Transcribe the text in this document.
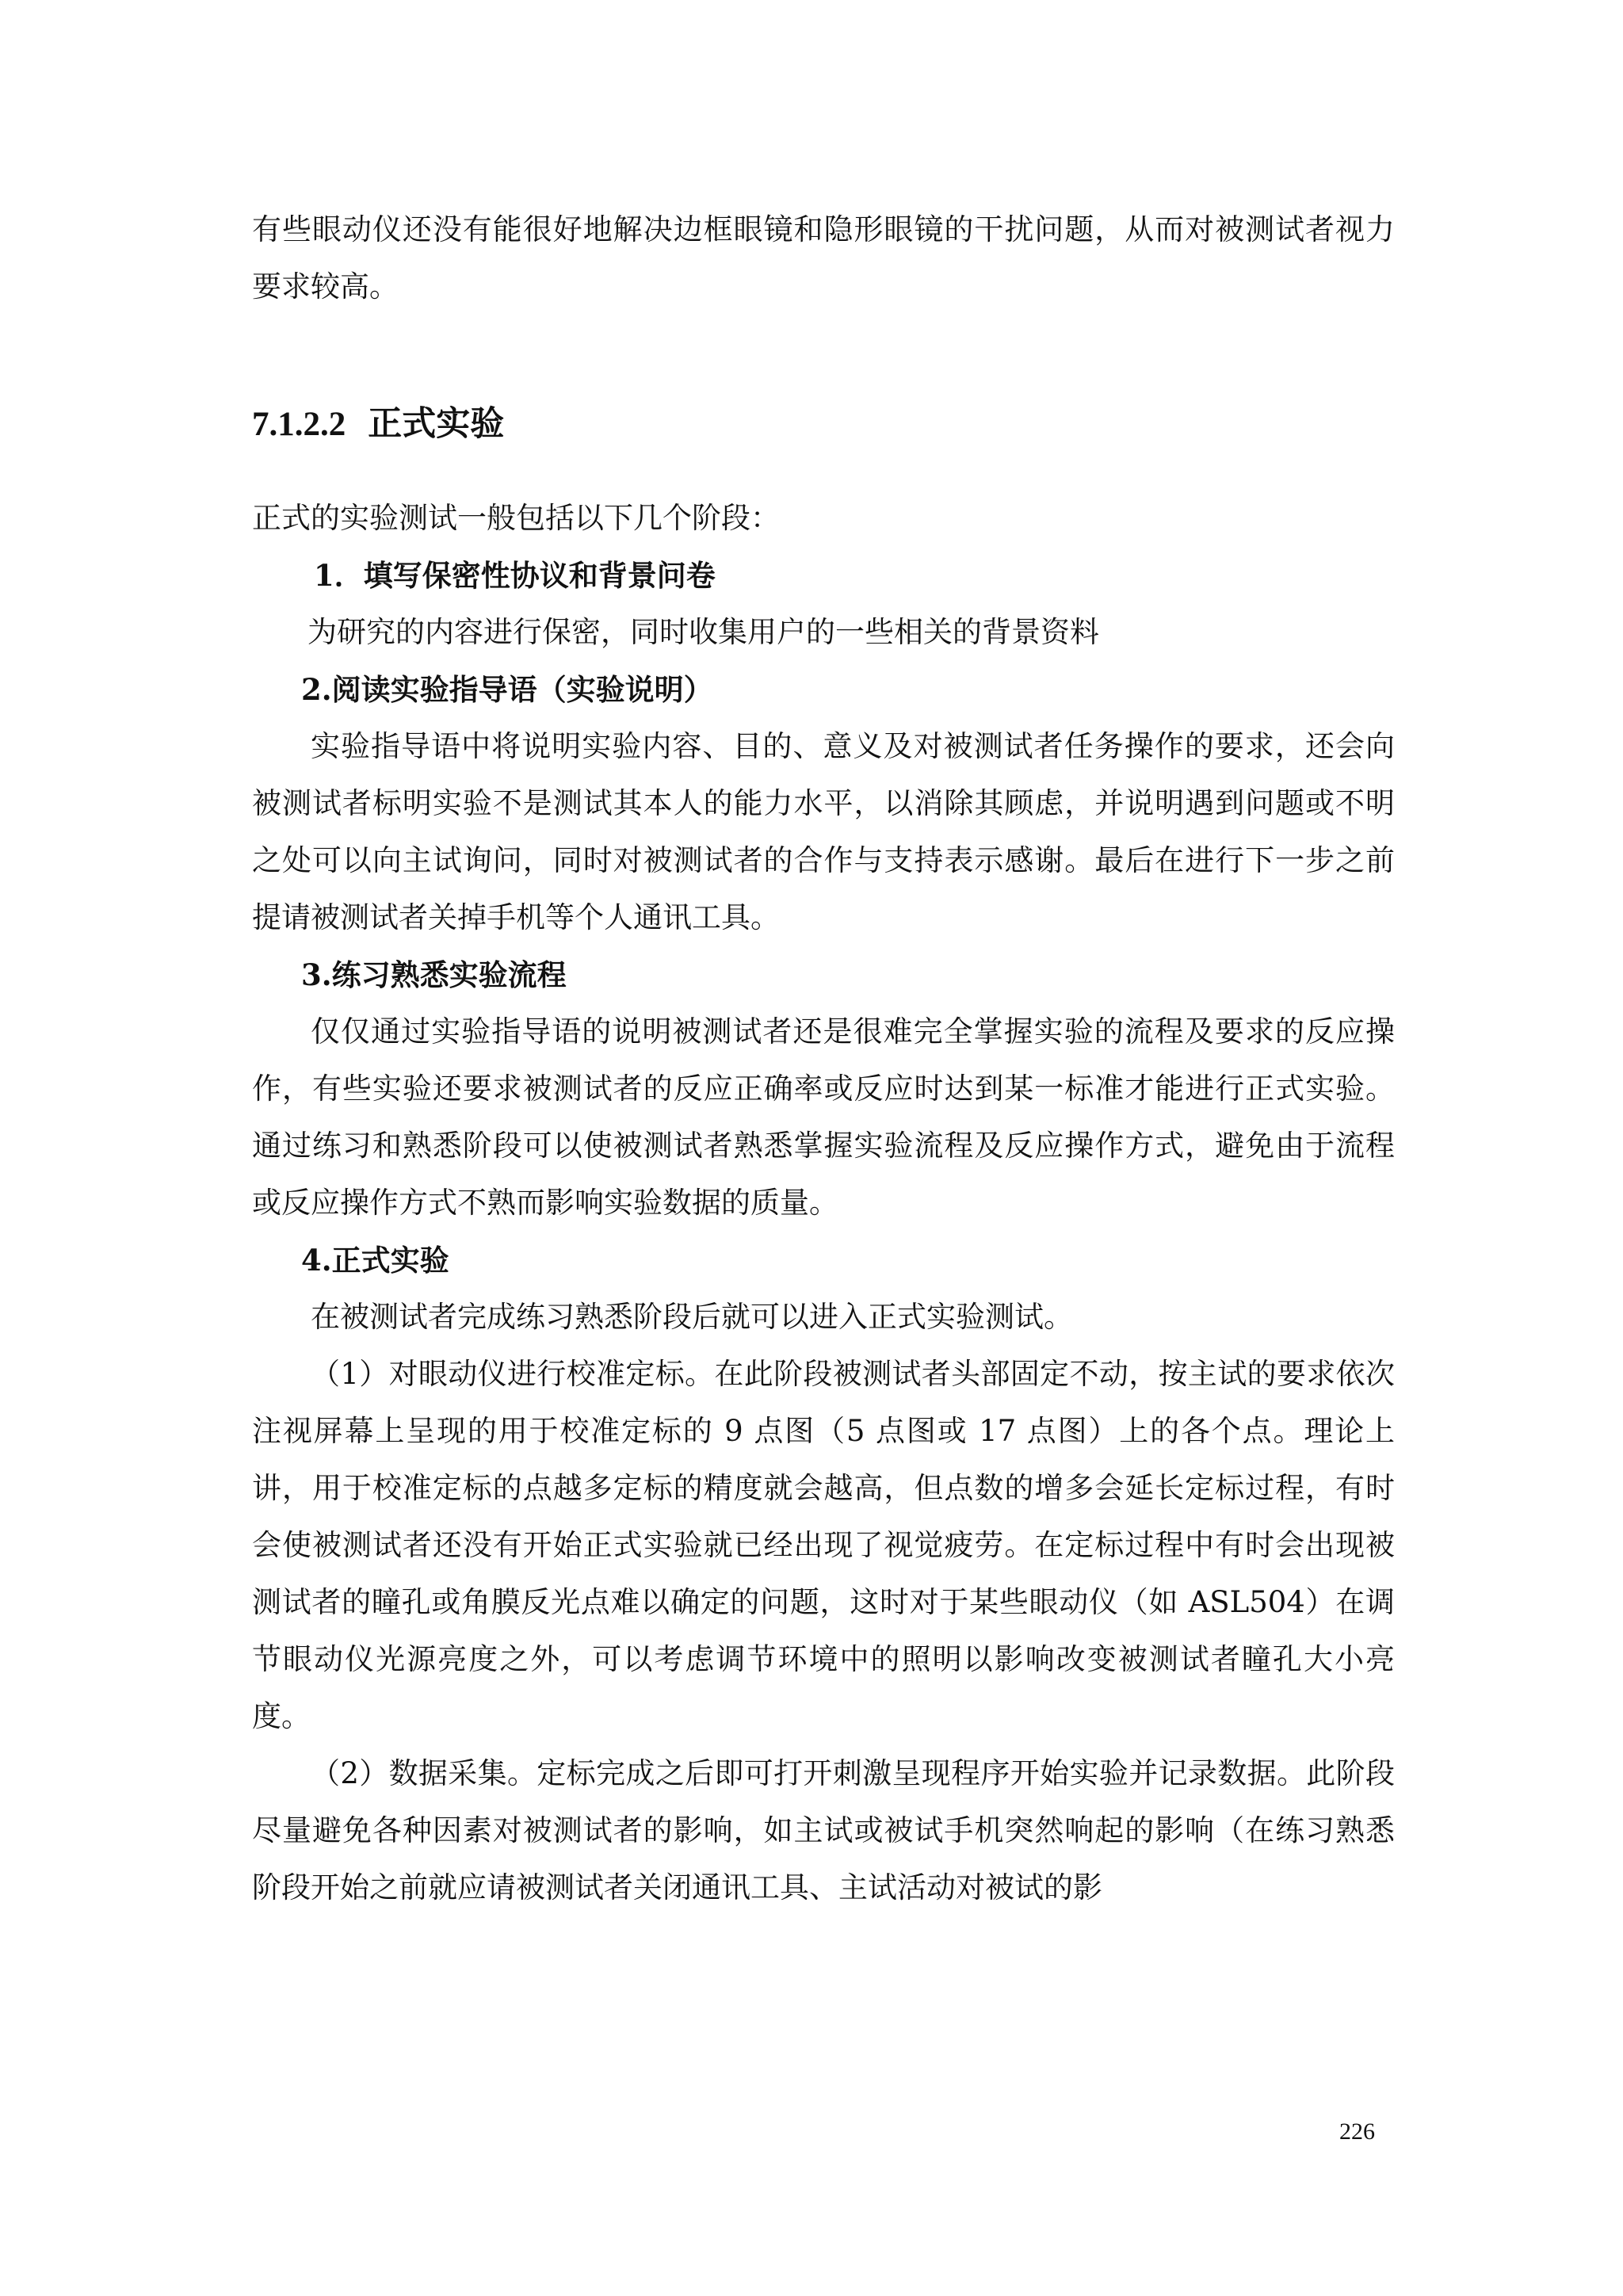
有些眼动仪还没有能很好地解决边框眼镜和隐形眼镜的干扰问题，从而对被测试者视力要求较高。

7.1.2.2 正式实验

正式的实验测试一般包括以下几个阶段：

1．填写保密性协议和背景问卷

为研究的内容进行保密，同时收集用户的一些相关的背景资料

2.阅读实验指导语（实验说明）

实验指导语中将说明实验内容、目的、意义及对被测试者任务操作的要求，还会向被测试者标明实验不是测试其本人的能力水平，以消除其顾虑，并说明遇到问题或不明之处可以向主试询问，同时对被测试者的合作与支持表示感谢。最后在进行下一步之前提请被测试者关掉手机等个人通讯工具。

3.练习熟悉实验流程

仅仅通过实验指导语的说明被测试者还是很难完全掌握实验的流程及要求的反应操作，有些实验还要求被测试者的反应正确率或反应时达到某一标准才能进行正式实验。通过练习和熟悉阶段可以使被测试者熟悉掌握实验流程及反应操作方式，避免由于流程或反应操作方式不熟而影响实验数据的质量。

4.正式实验

在被测试者完成练习熟悉阶段后就可以进入正式实验测试。

（1）对眼动仪进行校准定标。在此阶段被测试者头部固定不动，按主试的要求依次注视屏幕上呈现的用于校准定标的 9 点图（5 点图或 17 点图）上的各个点。理论上讲，用于校准定标的点越多定标的精度就会越高，但点数的增多会延长定标过程，有时会使被测试者还没有开始正式实验就已经出现了视觉疲劳。在定标过程中有时会出现被测试者的瞳孔或角膜反光点难以确定的问题，这时对于某些眼动仪（如 ASL504）在调节眼动仪光源亮度之外，可以考虑调节环境中的照明以影响改变被测试者瞳孔大小亮度。

（2）数据采集。定标完成之后即可打开刺激呈现程序开始实验并记录数据。此阶段尽量避免各种因素对被测试者的影响，如主试或被试手机突然响起的影响（在练习熟悉阶段开始之前就应请被测试者关闭通讯工具、主试活动对被试的影

226
